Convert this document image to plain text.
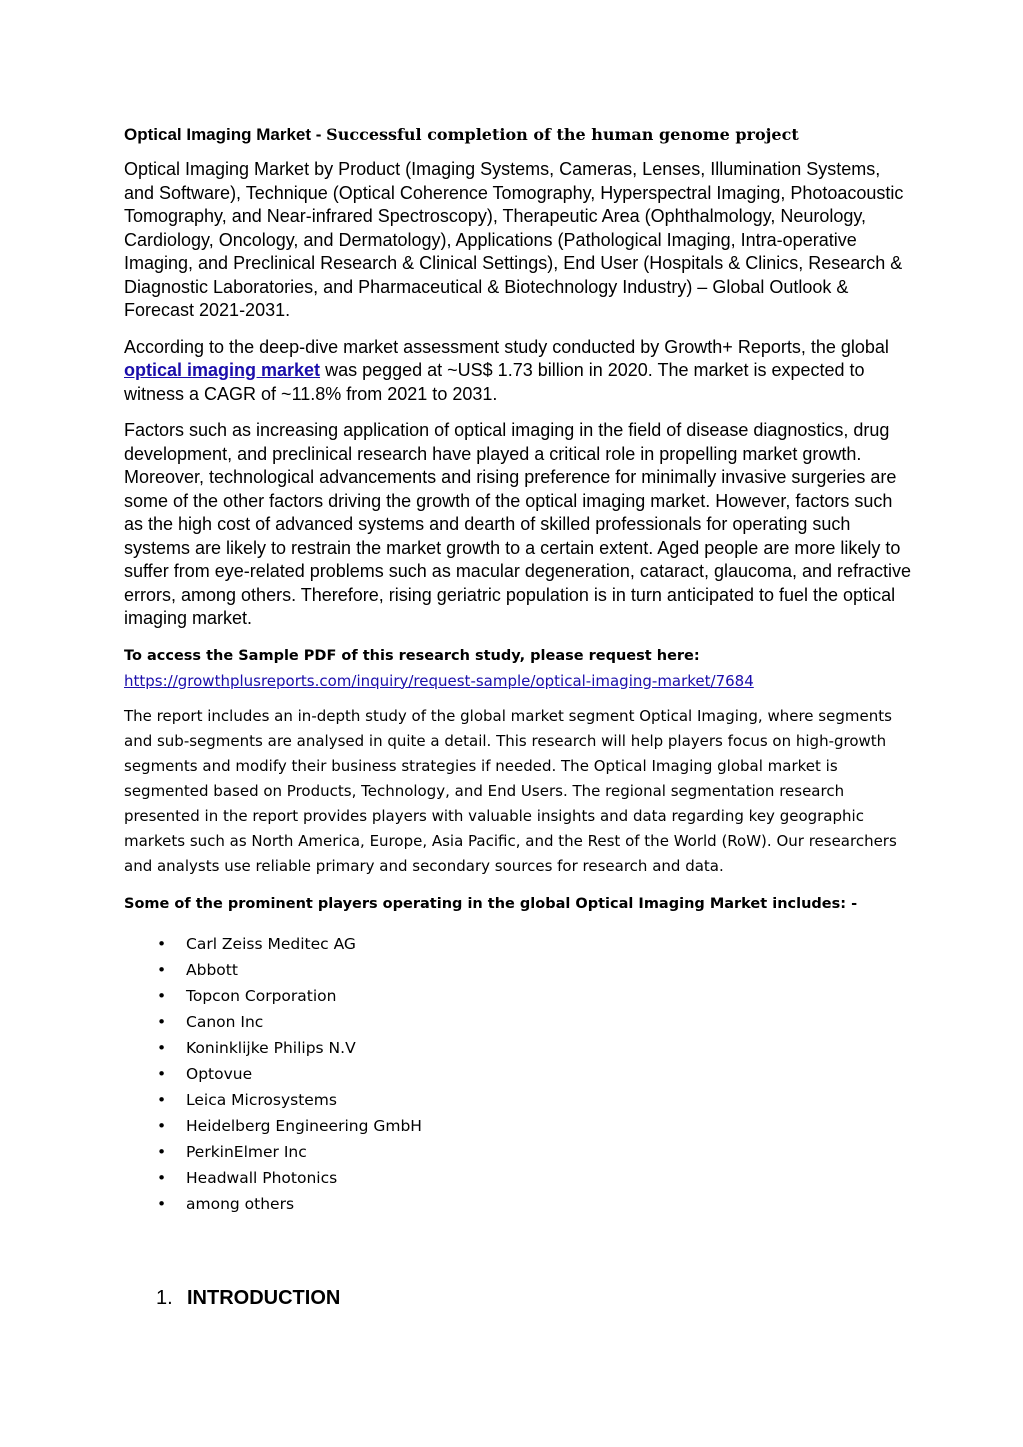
Optical Imaging Market - Successful completion of the human genome project

Optical Imaging Market by Product (Imaging Systems, Cameras, Lenses, Illumination Systems, and Software), Technique (Optical Coherence Tomography, Hyperspectral Imaging, Photoacoustic Tomography, and Near-infrared Spectroscopy), Therapeutic Area (Ophthalmology, Neurology, Cardiology, Oncology, and Dermatology), Applications (Pathological Imaging, Intra-operative Imaging, and Preclinical Research & Clinical Settings), End User (Hospitals & Clinics, Research & Diagnostic Laboratories, and Pharmaceutical & Biotechnology Industry) – Global Outlook & Forecast 2021-2031.

According to the deep-dive market assessment study conducted by Growth+ Reports, the global optical imaging market was pegged at ~US$ 1.73 billion in 2020. The market is expected to witness a CAGR of ~11.8% from 2021 to 2031.

Factors such as increasing application of optical imaging in the field of disease diagnostics, drug development, and preclinical research have played a critical role in propelling market growth. Moreover, technological advancements and rising preference for minimally invasive surgeries are some of the other factors driving the growth of the optical imaging market. However, factors such as the high cost of advanced systems and dearth of skilled professionals for operating such systems are likely to restrain the market growth to a certain extent. Aged people are more likely to suffer from eye-related problems such as macular degeneration, cataract, glaucoma, and refractive errors, among others. Therefore, rising geriatric population is in turn anticipated to fuel the optical imaging market.

To access the Sample PDF of this research study, please request here:

https://growthplusreports.com/inquiry/request-sample/optical-imaging-market/7684

The report includes an in-depth study of the global market segment Optical Imaging, where segments and sub-segments are analysed in quite a detail. This research will help players focus on high-growth segments and modify their business strategies if needed. The Optical Imaging global market is segmented based on Products, Technology, and End Users. The regional segmentation research presented in the report provides players with valuable insights and data regarding key geographic markets such as North America, Europe, Asia Pacific, and the Rest of the World (RoW). Our researchers and analysts use reliable primary and secondary sources for research and data.

Some of the prominent players operating in the global Optical Imaging Market includes: -

• Carl Zeiss Meditec AG
• Abbott
• Topcon Corporation
• Canon Inc
• Koninklijke Philips N.V
• Optovue
• Leica Microsystems
• Heidelberg Engineering GmbH
• PerkinElmer Inc
• Headwall Photonics
• among others
1. INTRODUCTION
